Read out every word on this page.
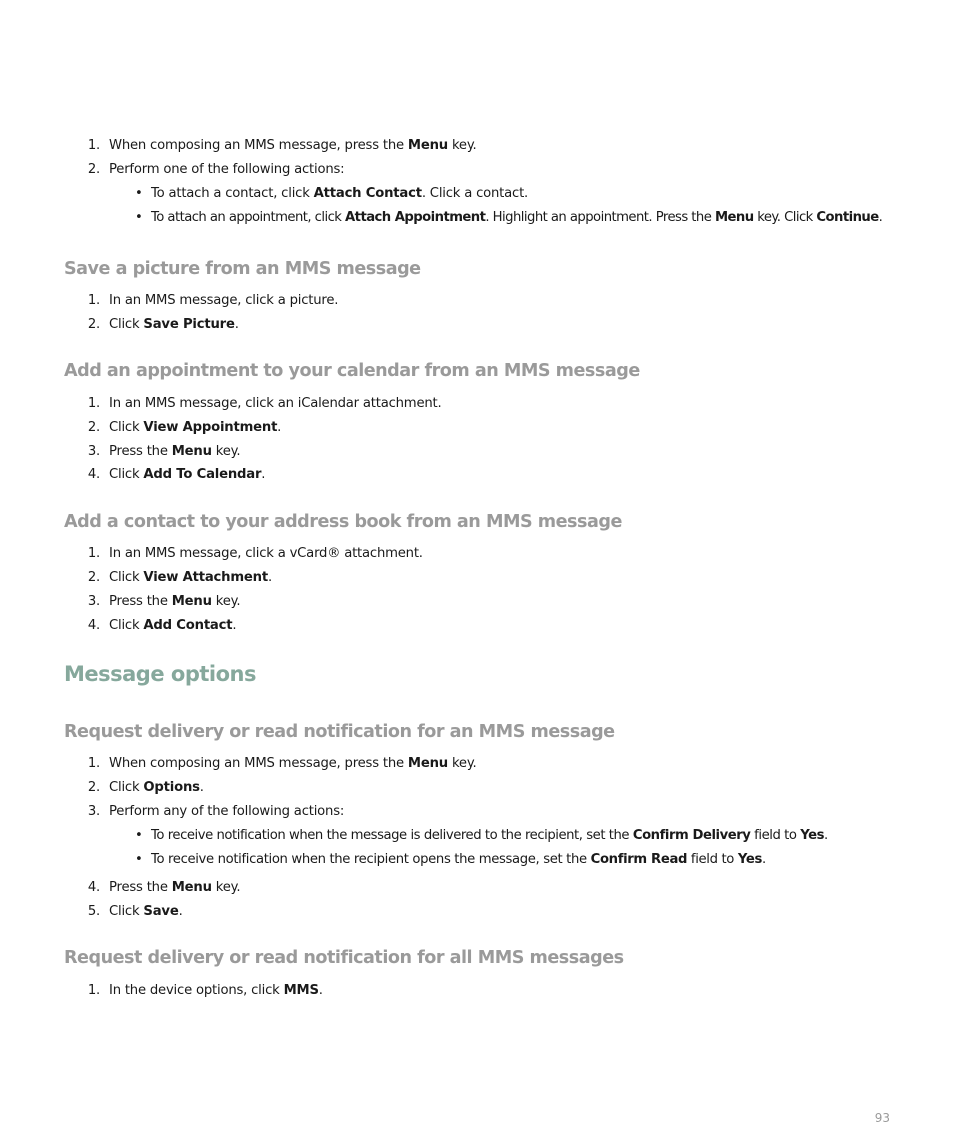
1. When composing an MMS message, press the Menu key.
2. Perform one of the following actions:
• To attach a contact, click Attach Contact. Click a contact.
• To attach an appointment, click Attach Appointment. Highlight an appointment. Press the Menu key. Click Continue.
Save a picture from an MMS message
1. In an MMS message, click a picture.
2. Click Save Picture.
Add an appointment to your calendar from an MMS message
1. In an MMS message, click an iCalendar attachment.
2. Click View Appointment.
3. Press the Menu key.
4. Click Add To Calendar.
Add a contact to your address book from an MMS message
1. In an MMS message, click a vCard® attachment.
2. Click View Attachment.
3. Press the Menu key.
4. Click Add Contact.
Message options
Request delivery or read notification for an MMS message
1. When composing an MMS message, press the Menu key.
2. Click Options.
3. Perform any of the following actions:
• To receive notification when the message is delivered to the recipient, set the Confirm Delivery field to Yes.
• To receive notification when the recipient opens the message, set the Confirm Read field to Yes.
4. Press the Menu key.
5. Click Save.
Request delivery or read notification for all MMS messages
1. In the device options, click MMS.
93
